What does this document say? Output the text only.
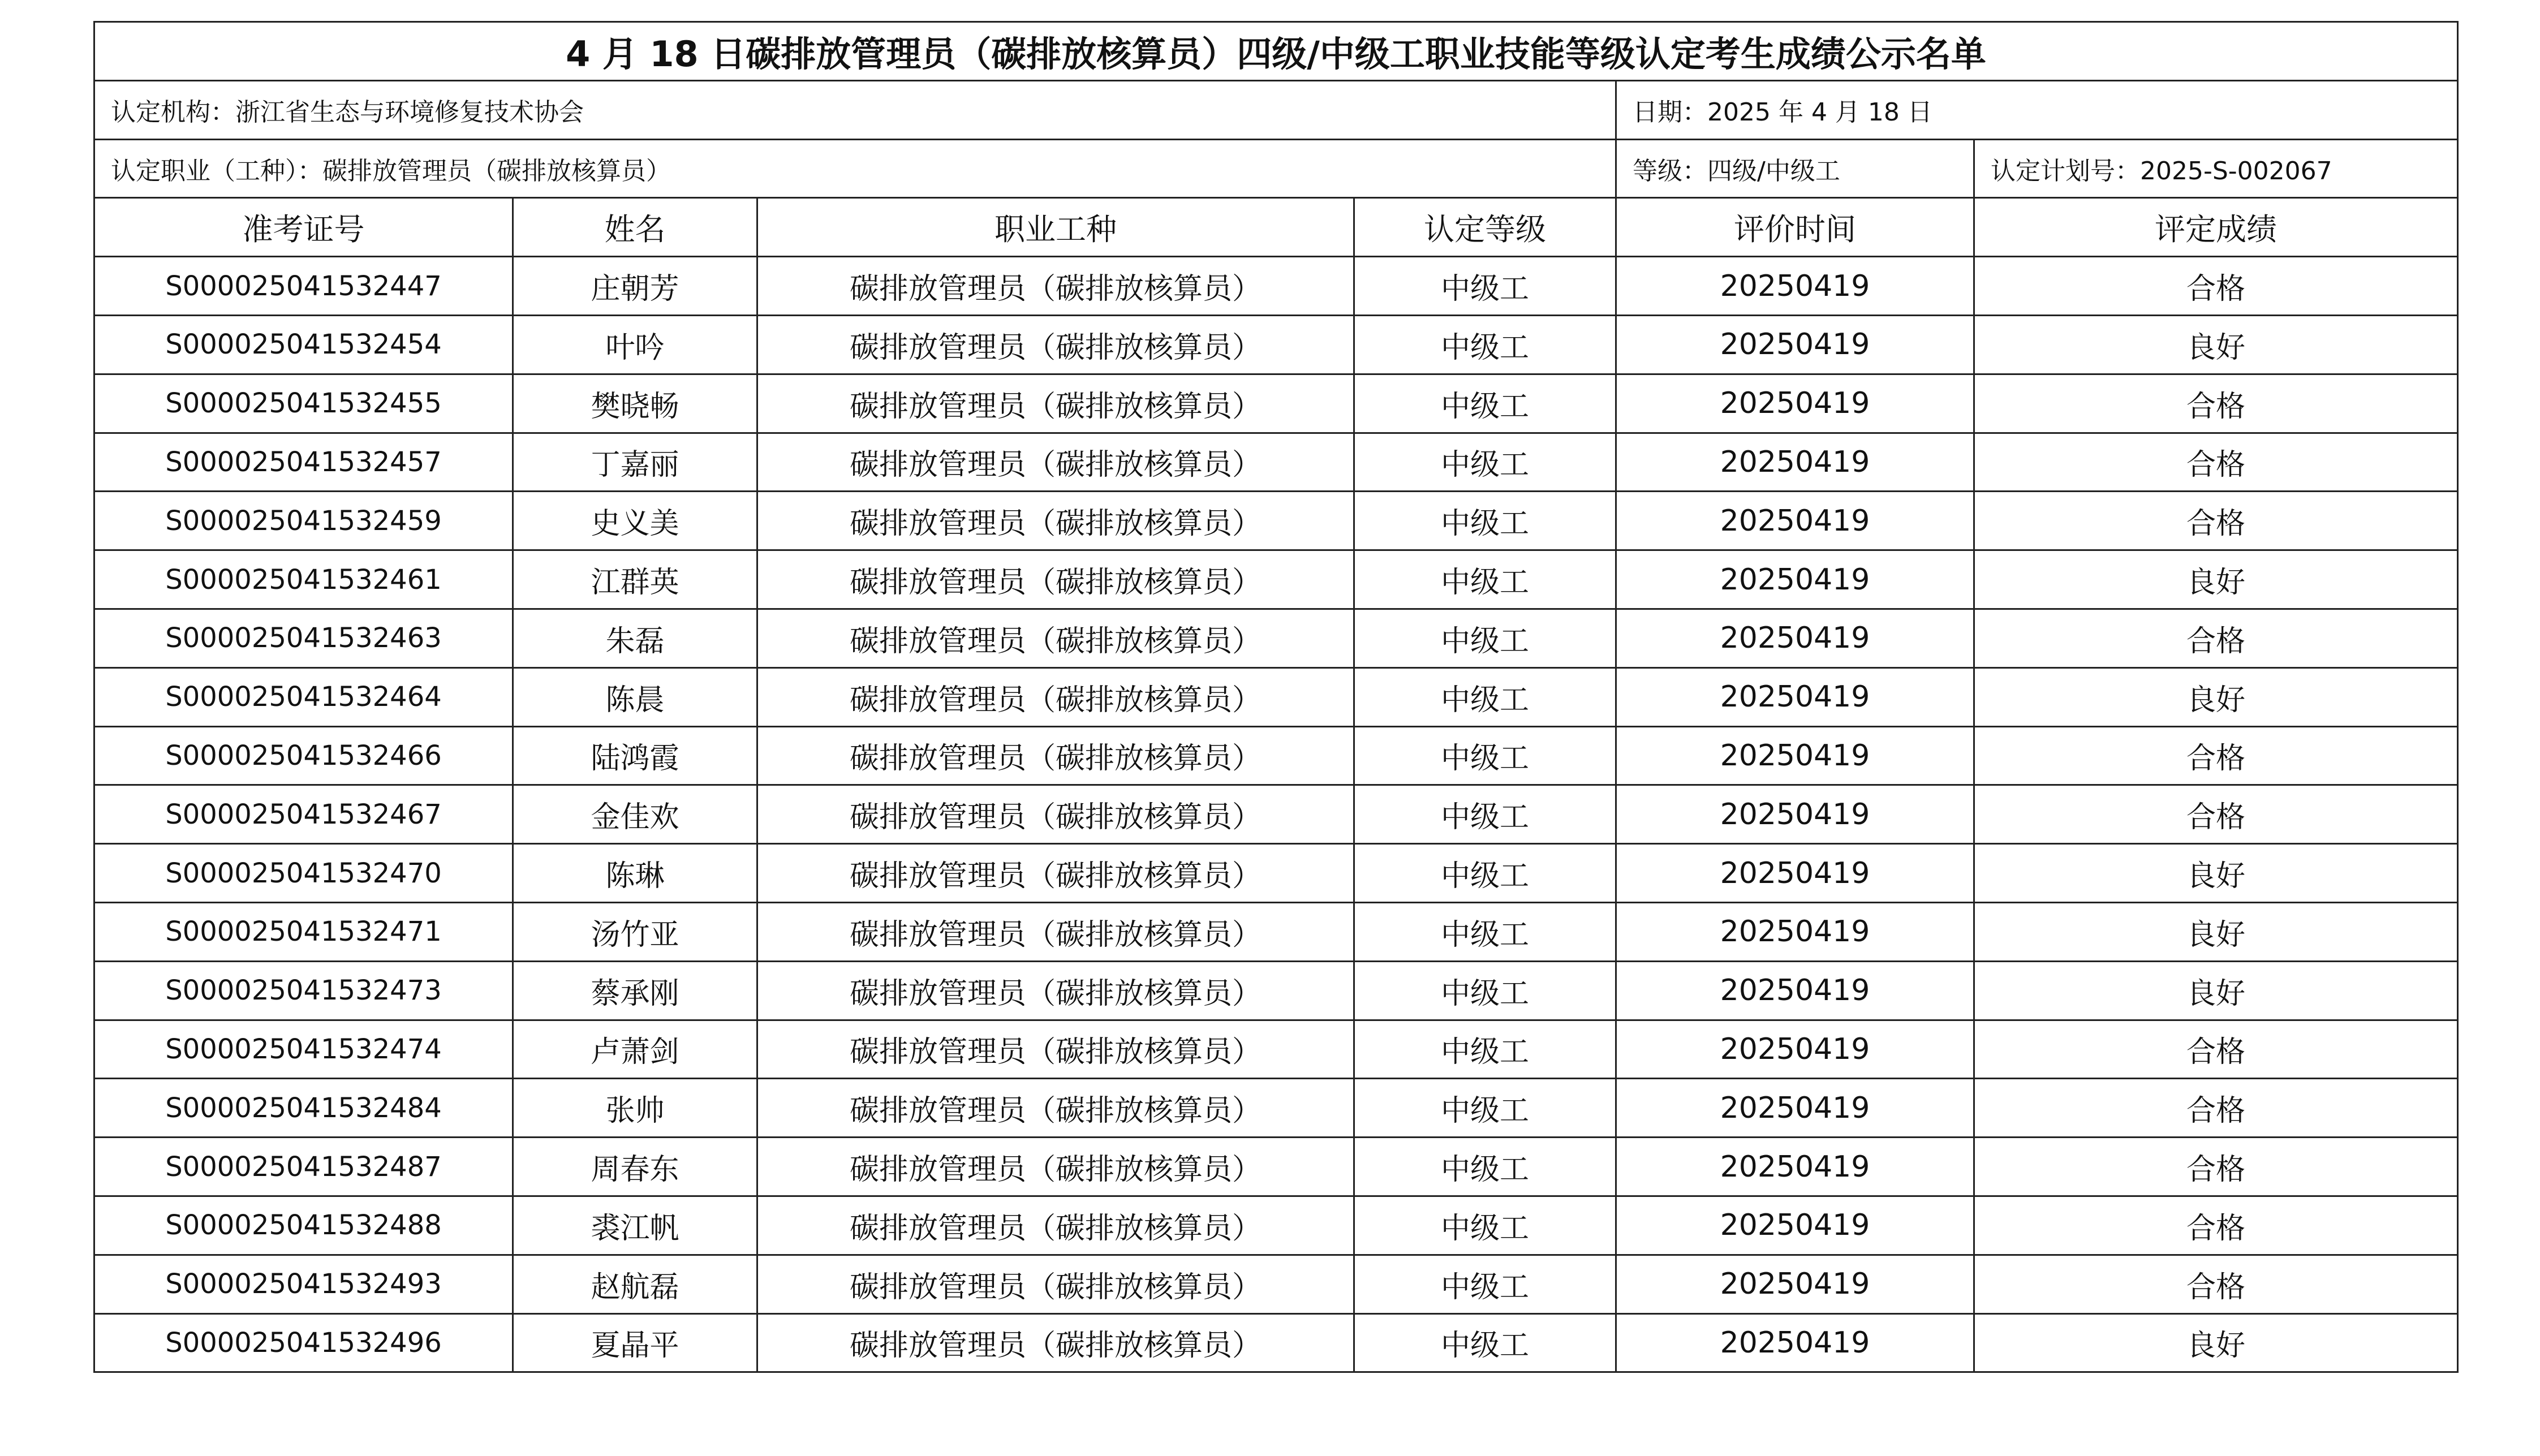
4 月 18 日碳排放管理员（碳排放核算员）四级/中级工职业技能等级认定考生成绩公示名单					
认定机构：浙江省生态与环境修复技术协会				日期：2025 年 4 月 18 日	
认定职业（工种）：碳排放管理员（碳排放核算员）				等级：四级/中级工	认定计划号：2025-S-002067
准考证号	姓名	职业工种	认定等级	评价时间	评定成绩
S000025041532447	庄朝芳	碳排放管理员（碳排放核算员）	中级工	20250419	合格
S000025041532454	叶吟	碳排放管理员（碳排放核算员）	中级工	20250419	良好
S000025041532455	樊晓畅	碳排放管理员（碳排放核算员）	中级工	20250419	合格
S000025041532457	丁嘉丽	碳排放管理员（碳排放核算员）	中级工	20250419	合格
S000025041532459	史义美	碳排放管理员（碳排放核算员）	中级工	20250419	合格
S000025041532461	江群英	碳排放管理员（碳排放核算员）	中级工	20250419	良好
S000025041532463	朱磊	碳排放管理员（碳排放核算员）	中级工	20250419	合格
S000025041532464	陈晨	碳排放管理员（碳排放核算员）	中级工	20250419	良好
S000025041532466	陆鸿霞	碳排放管理员（碳排放核算员）	中级工	20250419	合格
S000025041532467	金佳欢	碳排放管理员（碳排放核算员）	中级工	20250419	合格
S000025041532470	陈琳	碳排放管理员（碳排放核算员）	中级工	20250419	良好
S000025041532471	汤竹亚	碳排放管理员（碳排放核算员）	中级工	20250419	良好
S000025041532473	蔡承刚	碳排放管理员（碳排放核算员）	中级工	20250419	良好
S000025041532474	卢萧剑	碳排放管理员（碳排放核算员）	中级工	20250419	合格
S000025041532484	张帅	碳排放管理员（碳排放核算员）	中级工	20250419	合格
S000025041532487	周春东	碳排放管理员（碳排放核算员）	中级工	20250419	合格
S000025041532488	裘江帆	碳排放管理员（碳排放核算员）	中级工	20250419	合格
S000025041532493	赵航磊	碳排放管理员（碳排放核算员）	中级工	20250419	合格
S000025041532496	夏晶平	碳排放管理员（碳排放核算员）	中级工	20250419	良好
